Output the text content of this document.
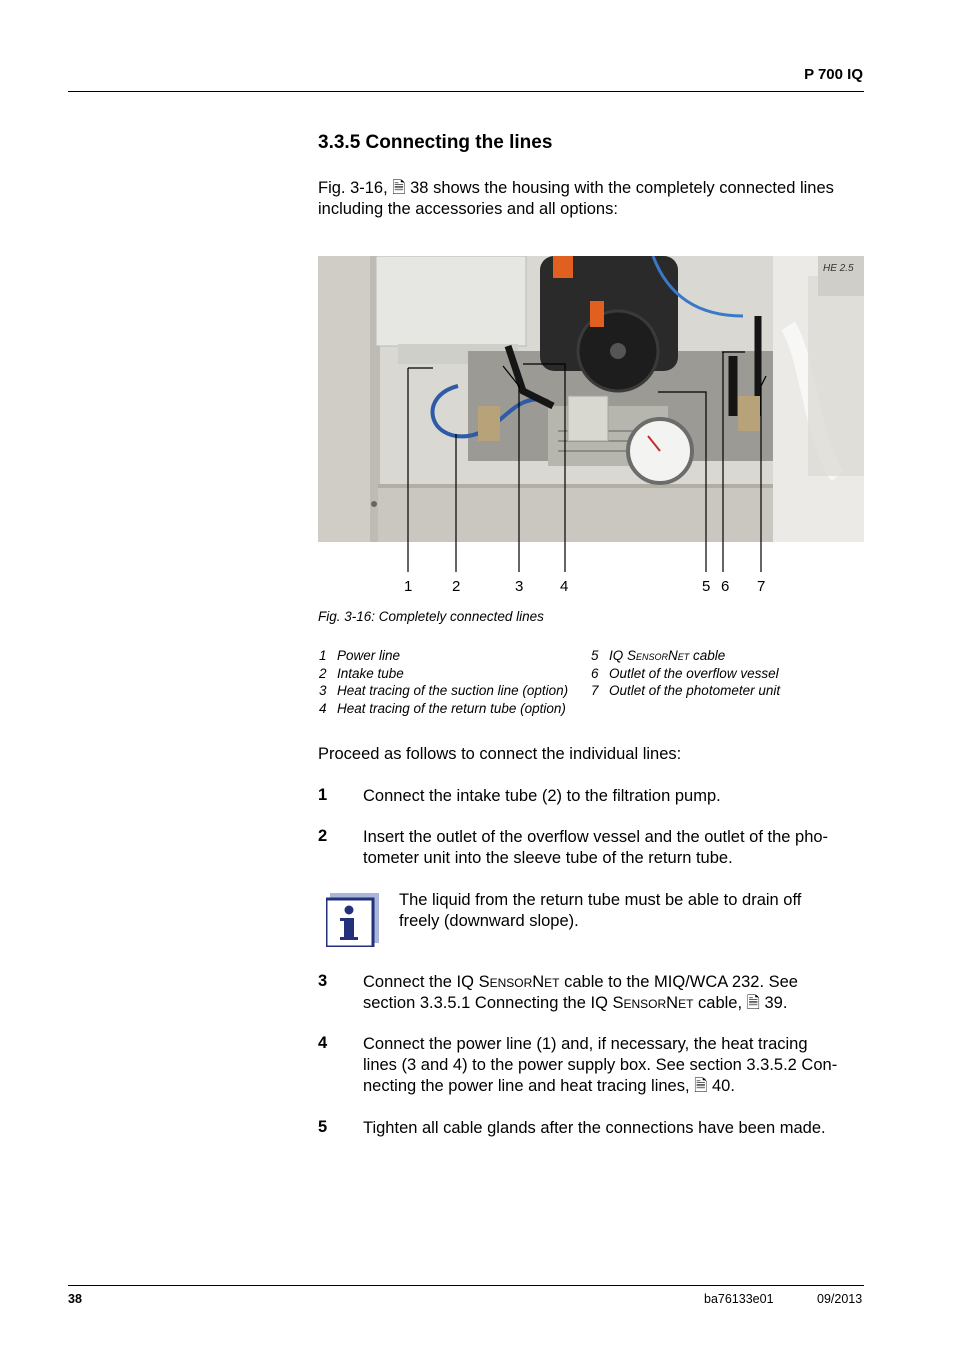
P 700 IQ
3.3.5 Connecting the lines
Fig. 3-16, 🗎 38 shows the housing with the completely connected lines
including the accessories and all options:
HE 2.5
1	2	3 4	5 6 7
Fig. 3-16: Completely connected lines
1 Power line
2 Intake tube
3 Heat tracing of the suction line (option)
4 Heat tracing of the return tube (option)
5 IQ SensorNet cable
6 Outlet of the overflow vessel
7 Outlet of the photometer unit
Proceed as follows to connect the individual lines:
1 Connect the intake tube (2) to the filtration pump.
2 Insert the outlet of the overflow vessel and the outlet of the pho-
tometer unit into the sleeve tube of the return tube.
The liquid from the return tube must be able to drain off
freely (downward slope).
3 Connect the IQ SensorNet cable to the MIQ/WCA 232. See
section 3.3.5.1 Connecting the IQ SensorNet cable, 🗎 39.
4 Connect the power line (1) and, if necessary, the heat tracing
lines (3 and 4) to the power supply box. See section 3.3.5.2 Con-
necting the power line and heat tracing lines, 🗎 40.
5 Tighten all cable glands after the connections have been made.
38	ba76133e01	09/2013
